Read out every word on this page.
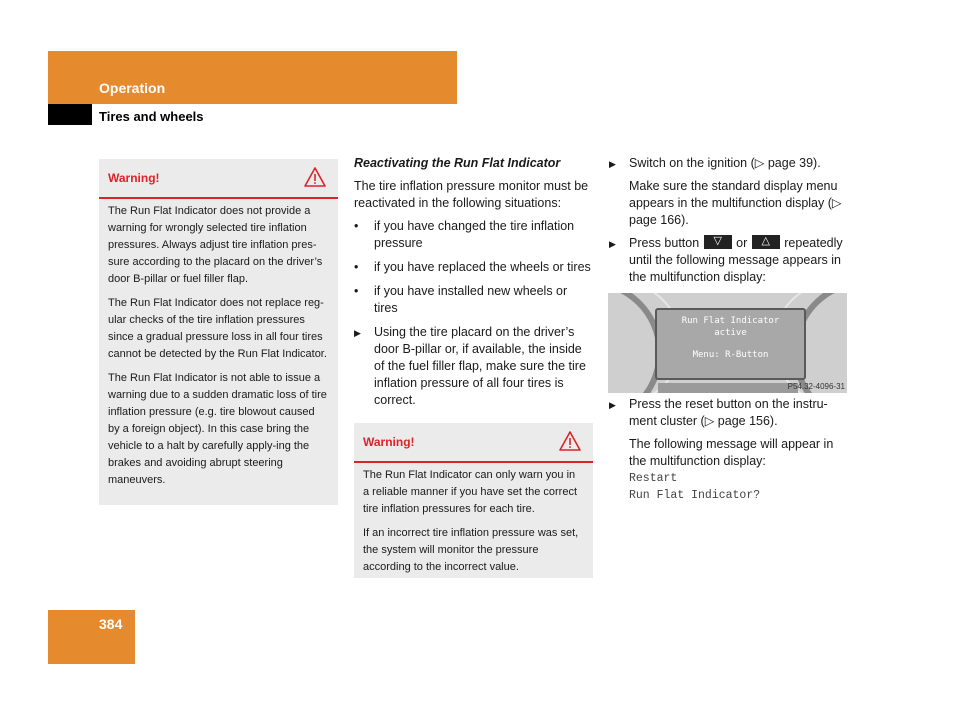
Operation
Tires and wheels
Warning!

The Run Flat Indicator does not provide a warning for wrongly selected tire inflation pressures. Always adjust tire inflation pres-sure according to the placard on the driver’s door B-pillar or fuel filler flap.

The Run Flat Indicator does not replace reg-ular checks of the tire inflation pressures since a gradual pressure loss in all four tires cannot be detected by the Run Flat Indicator.

The Run Flat Indicator is not able to issue a warning due to a sudden dramatic loss of tire inflation pressure (e.g. tire blowout caused by a foreign object). In this case bring the vehicle to a halt by carefully apply-ing the brakes and avoiding abrupt steering maneuvers.

Reactivating the Run Flat Indicator

The tire inflation pressure monitor must be reactivated in the following situations:

• if you have changed the tire inflation pressure
• if you have replaced the wheels or tires
• if you have installed new wheels or tires
▶ Using the tire placard on the driver’s door B-pillar or, if available, the inside of the fuel filler flap, make sure the tire inflation pressure of all four tires is correct.
Warning!

The Run Flat Indicator can only warn you in a reliable manner if you have set the correct tire inflation pressures for each tire.

If an incorrect tire inflation pressure was set, the system will monitor the pressure according to the incorrect value.

▶ Switch on the ignition (▷ page 39).

Make sure the standard display menu appears in the multifunction display (▷ page 166).

▶ Press button	▽	or	△	repeatedly until the following message appears in the multifunction display:
Run Flat Indicator
active
Menu: R-Button
P54.32-4096-31
▶ Press the reset button on the instru-ment cluster (▷ page 156).

The following message will appear in the multifunction display:

Restart

Run Flat Indicator?

384
